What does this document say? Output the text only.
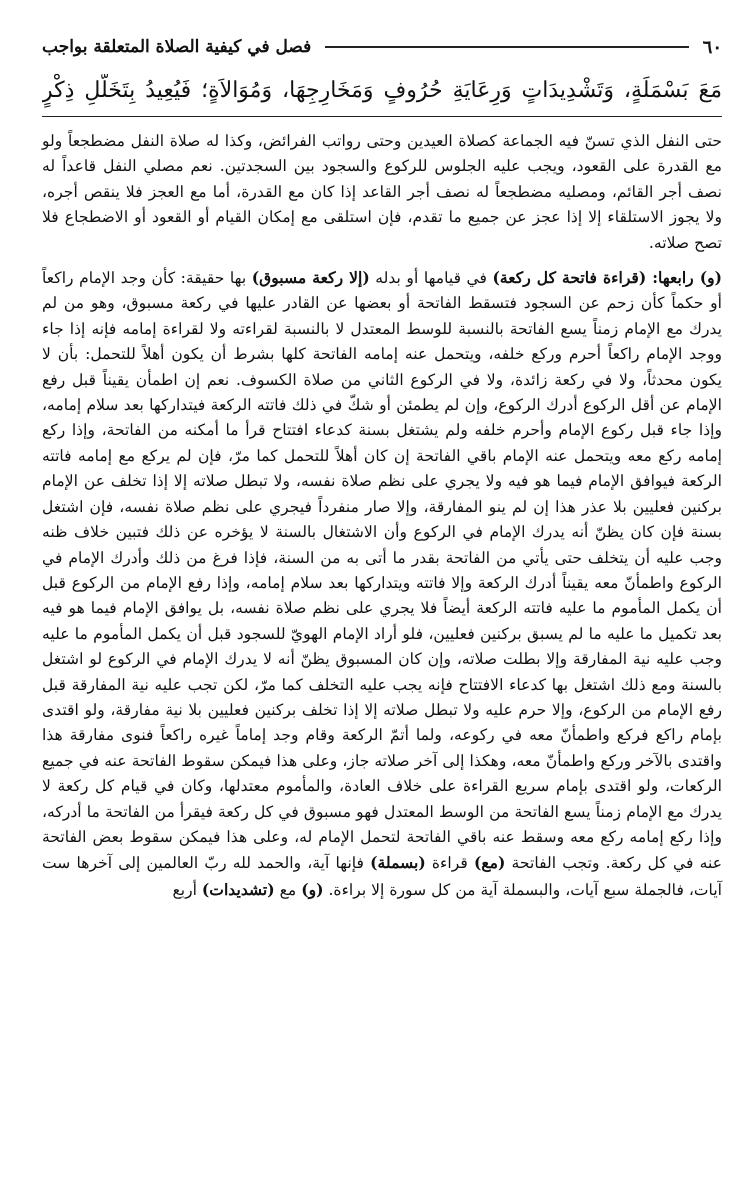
٦٠
فصل في كيفية الصلاة المتعلقة بواجب
مَعَ بَسْمَلَةٍ، وَتَشْدِيدَاتٍ وَرِعَايَةِ حُرُوفٍ وَمَخَارِجِهَا، وَمُوَالاَةٍ؛ فَيُعِيدُ بِتَخَلُّلِ ذِكْرٍ

حتى النفل الذي تسنّ فيه الجماعة كصلاة العيدين وحتى رواتب الفرائض، وكذا له صلاة النفل مضطجعاً ولو مع القدرة على القعود، ويجب عليه الجلوس للركوع والسجود بين السجدتين. نعم مصلي النفل قاعداً له نصف أجر القائم، ومصليه مضطجعاً له نصف أجر القاعد إذا كان مع القدرة، أما مع العجز فلا ينقص أجره، ولا يجوز الاستلقاء إلا إذا عجز عن جميع ما تقدم، فإن استلقى مع إمكان القيام أو القعود أو الاضطجاع فلا تصح صلاته.

(و) رابعها: (قراءة فاتحة كل ركعة) في قيامها أو بدله (إلا ركعة مسبوق) بها حقيقة: كأن وجد الإمام راكعاً أو حكماً كأن زحم عن السجود فتسقط الفاتحة أو بعضها عن القادر عليها في ركعة مسبوق، وهو من لم يدرك مع الإمام زمناً يسع الفاتحة بالنسبة للوسط المعتدل لا بالنسبة لقراءته ولا لقراءة إمامه فإنه إذا جاء ووجد الإمام راكعاً أحرم وركع خلفه، ويتحمل عنه إمامه الفاتحة كلها بشرط أن يكون أهلاً للتحمل: بأن لا يكون محدثاً، ولا في ركعة زائدة، ولا في الركوع الثاني من صلاة الكسوف. نعم إن اطمأن يقيناً قبل رفع الإمام عن أقل الركوع أدرك الركوع، وإن لم يطمئن أو شكّ في ذلك فاتته الركعة فيتداركها بعد سلام إمامه، وإذا جاء قبل ركوع الإمام وأحرم خلفه ولم يشتغل بسنة كدعاء افتتاح قرأ ما أمكنه من الفاتحة، وإذا ركع إمامه ركع معه ويتحمل عنه الإمام باقي الفاتحة إن كان أهلاً للتحمل كما مرّ، فإن لم يركع مع إمامه فاتته الركعة فيوافق الإمام فيما هو فيه ولا يجري على نظم صلاة نفسه، ولا تبطل صلاته إلا إذا تخلف عن الإمام بركنين فعليين بلا عذر هذا إن لم ينو المفارقة، وإلا صار منفرداً فيجري على نظم صلاة نفسه، فإن اشتغل بسنة فإن كان يظنّ أنه يدرك الإمام في الركوع وأن الاشتغال بالسنة لا يؤخره عن ذلك فتبين خلاف ظنه وجب عليه أن يتخلف حتى يأتي من الفاتحة بقدر ما أتى به من السنة، فإذا فرغ من ذلك وأدرك الإمام في الركوع واطمأنّ معه يقيناً أدرك الركعة وإلا فاتته ويتداركها بعد سلام إمامه، وإذا رفع الإمام من الركوع قبل أن يكمل المأموم ما عليه فاتته الركعة أيضاً فلا يجري على نظم صلاة نفسه، بل يوافق الإمام فيما هو فيه بعد تكميل ما عليه ما لم يسبق بركنين فعليين، فلو أراد الإمام الهويّ للسجود قبل أن يكمل المأموم ما عليه وجب عليه نية المفارقة وإلا بطلت صلاته، وإن كان المسبوق يظنّ أنه لا يدرك الإمام في الركوع لو اشتغل بالسنة ومع ذلك اشتغل بها كدعاء الافتتاح فإنه يجب عليه التخلف كما مرّ، لكن تجب عليه نية المفارقة قبل رفع الإمام من الركوع، وإلا حرم عليه ولا تبطل صلاته إلا إذا تخلف بركنين فعليين بلا نية مفارقة، ولو اقتدى بإمام راكع فركع واطمأنّ معه في ركوعه، ولما أتمّ الركعة وقام وجد إماماً غيره راكعاً فنوى مفارقة هذا واقتدى بالآخر وركع واطمأنّ معه، وهكذا إلى آخر صلاته جاز، وعلى هذا فيمكن سقوط الفاتحة عنه في جميع الركعات، ولو اقتدى بإمام سريع القراءة على خلاف العادة، والمأموم معتدلها، وكان في قيام كل ركعة لا يدرك مع الإمام زمناً يسع الفاتحة من الوسط المعتدل فهو مسبوق في كل ركعة فيقرأ من الفاتحة ما أدركه، وإذا ركع إمامه ركع معه وسقط عنه باقي الفاتحة لتحمل الإمام له، وعلى هذا فيمكن سقوط بعض الفاتحة عنه في كل ركعة. وتجب الفاتحة (مع) قراءة (بسملة) فإنها آية، والحمد لله ربّ العالمين إلى آخرها ست آيات، فالجملة سبع آيات، والبسملة آية من كل سورة إلا براءة. (و) مع (تشديدات) أربع
